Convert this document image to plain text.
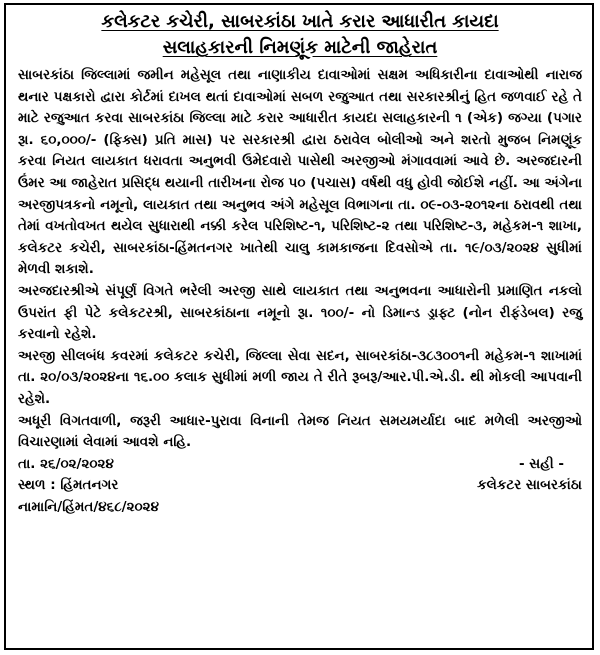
કલેકટર કચેરી, સાબરકાંઠા ખાતે કરાર આધારીત કાયદા

સલાહકારની નિમણૂંક માટેની જાહેરાત

સાબરકાંઠા જિલ્લામાં જમીન મહેસૂલ તથા નાણાકીય દાવાઓમાં સક્ષમ અધિકારીના દાવાઓથી નારાજ થનાર પક્ષકારો દ્વારા કોર્ટમાં દાખલ થતાં દાવાઓમાં સબળ રજુઆત તથા સરકારશ્રીનું હિત જળવાઈ રહે તે માટે રજુઆત કરવા સાબરકાંઠા જિલ્લા માટે કરાર આધારીત કાયદા સલાહકારની ૧ (એક) જગ્યા (પગાર રૂા. ૬૦,૦૦૦/- (ફિક્સ) પ્રતિ માસ) પર સરકારશ્રી દ્વારા ઠરાવેલ બોલીઓ અને શરતો મુજબ નિમણૂંક કરવા નિયત લાયકાત ધરાવતા અનુભવી ઉમેદવારો પાસેથી અરજીઓ મંગાવવામાં આવે છે. અરજદારની ઉંમર આ જાહેરાત પ્રસિદ્ધ થયાની તારીખના રોજ ૫૦ (પચાસ) વર્ષથી વધુ હોવી જોઈશે નહીં. આ અંગેના અરજીપત્રકનો નમૂનો, લાયકાત તથા અનુભવ અંગે મહેસૂલ વિભાગના તા. ૦૯-૦૩-૨૦૧૨ના ઠરાવથી તથા તેમાં વખતોવખત થયેલ સુધારાથી નક્કી કરેલ પરિશિષ્ટ-૧, પરિશિષ્ટ-૨ તથા પરિશિષ્ટ-૩, મહેકમ-૧ શાખા, કલેકટર કચેરી, સાબરકાંઠા-હિંમતનગર ખાતેથી ચાલુ કામકાજના દિવસોએ તા. ૧૯/૦૩/૨૦૨૪ સુધીમાં મેળવી શકાશે.

અરજદારશ્રીએ સંપૂર્ણ વિગતે ભરેલી અરજી સાથે લાયકાત તથા અનુભવના આધારોની પ્રમાણિત નકલો ઉપરાંત ફી પેટે કલેકટરશ્રી, સાબરકાંઠાના નમૂનો રૂા. ૧૦૦/- નો ડિમાન્ડ ડ્રાફ્ટ (નોન રીફંડેબલ) રજુ કરવાનો રહેશે.

અરજી સીલબંધ કવરમાં કલેકટર કચેરી, જિલ્લા સેવા સદન, સાબરકાંઠા-૩૮૩૦૦૧ની મહેકમ-૧ શાખામાં તા. ૨૦/૦૩/૨૦૨૪ના ૧૬.૦૦ કલાક સુધીમાં મળી જાય તે રીતે રૂબરૂ/આર.પી.એ.ડી. થી મોકલી આપવાની રહેશે.

અધૂરી વિગતવાળી, જરૂરી આધાર-પુરાવા વિનાની તેમજ નિયત સમયમર્યાદા બાદ મળેલી અરજીઓ વિચારણામાં લેવામાં આવશે નહિ.

તા. ૨૬/૦૨/૨૦૨૪	- સહી -
સ્થળ : હિંમતનગર	કલેકટર સાબરકાંઠા
નામાનિ/હિંમત/૪૬૮/૨૦૨૪
